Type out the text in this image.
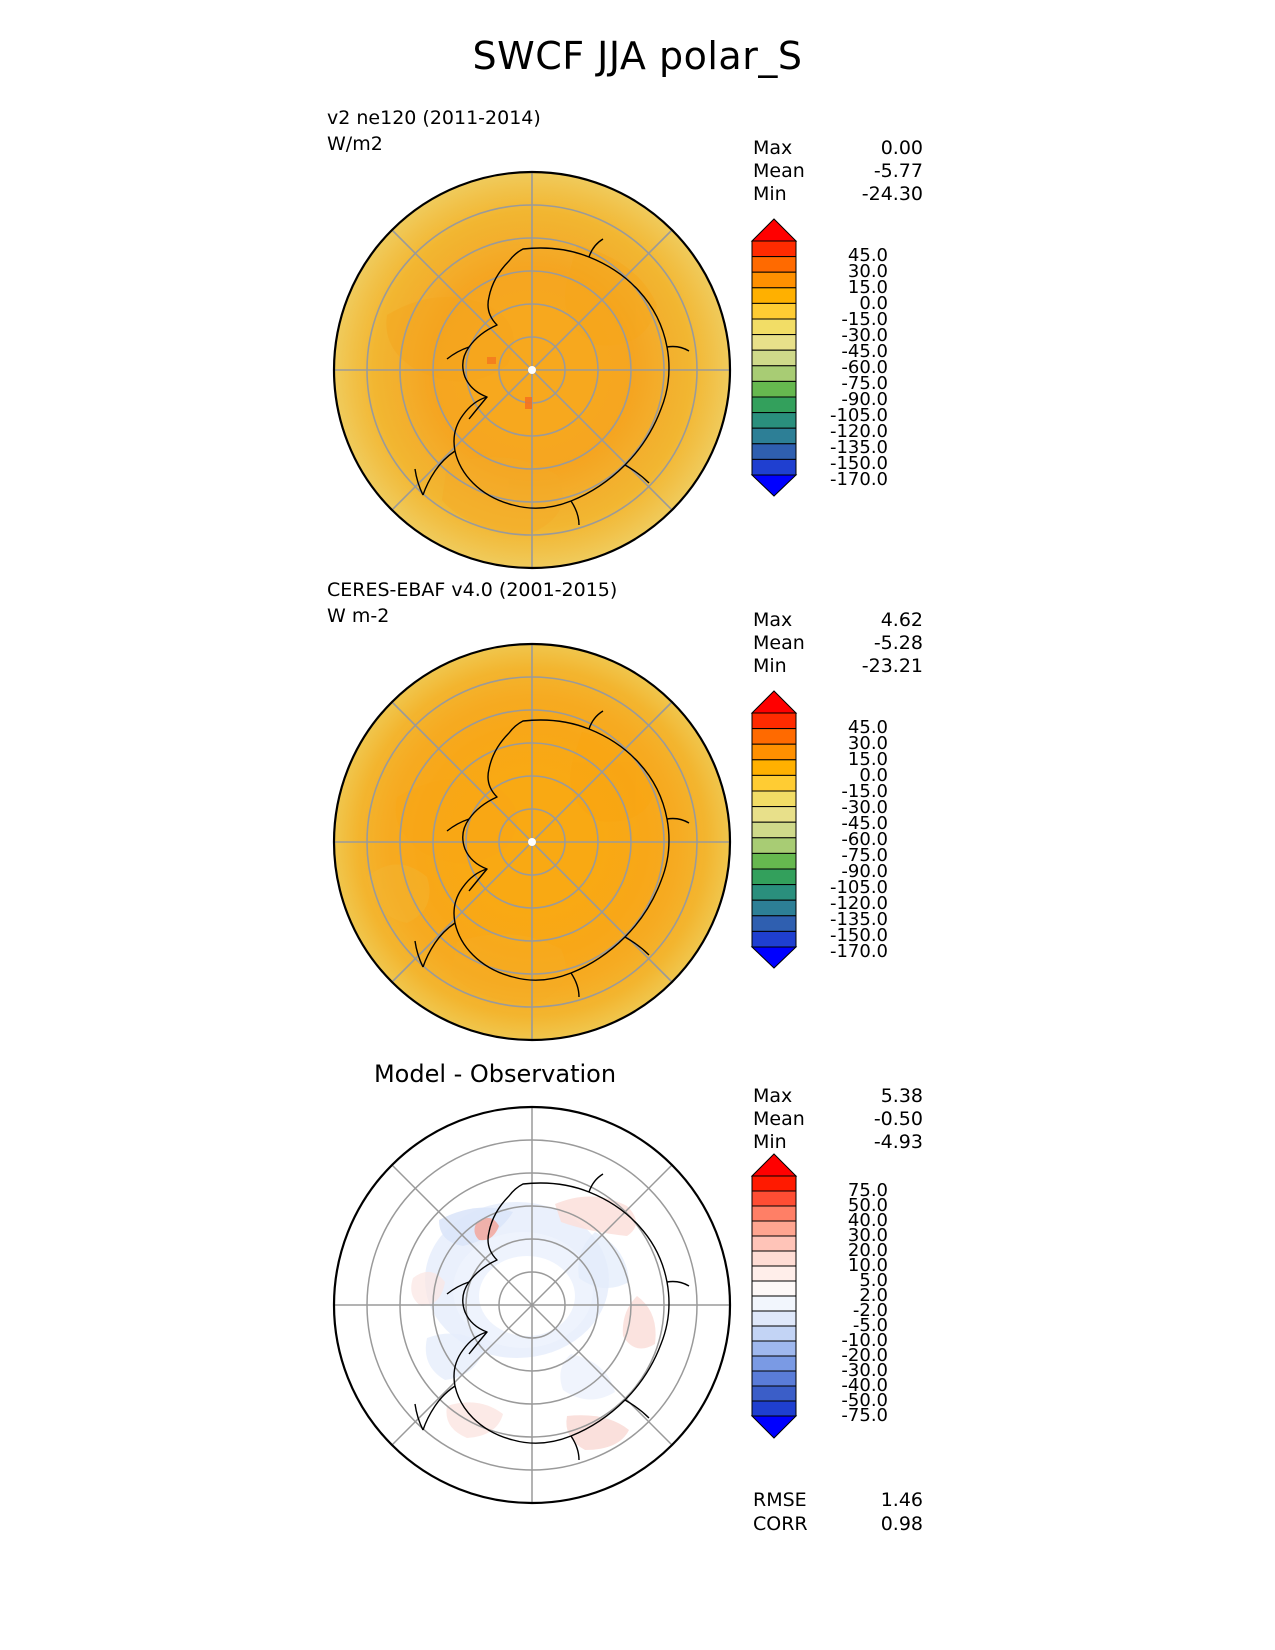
SWCF JJA polar_S
v2 ne120 (2011-2014)
W/m2	Max	0.00
Mean	-5.77
Min	-24.30
45.0
30.0
15.0
0.0
-15.0
-30.0
-45.0
-60.0
-75.0
-90.0
-105.0
-120.0
-135.0
-150.0
-170.0
CERES-EBAF v4.0 (2001-2015)
W m-2	Max	4.62
Mean	-5.28
Min	-23.21
45.0
30.0
15.0
0.0
-15.0
-30.0
-45.0
-60.0
-75.0
-90.0
-105.0
-120.0
-135.0
-150.0
-170.0
Model - Observation
Max	5.38
Mean	-0.50
Min	-4.93
75.0
50.0
40.0
30.0
20.0
10.0
5.0
2.0
-2.0
-5.0
-10.0
-20.0
-30.0
-40.0
-50.0
-75.0
RMSE	1.46
CORR	0.98
